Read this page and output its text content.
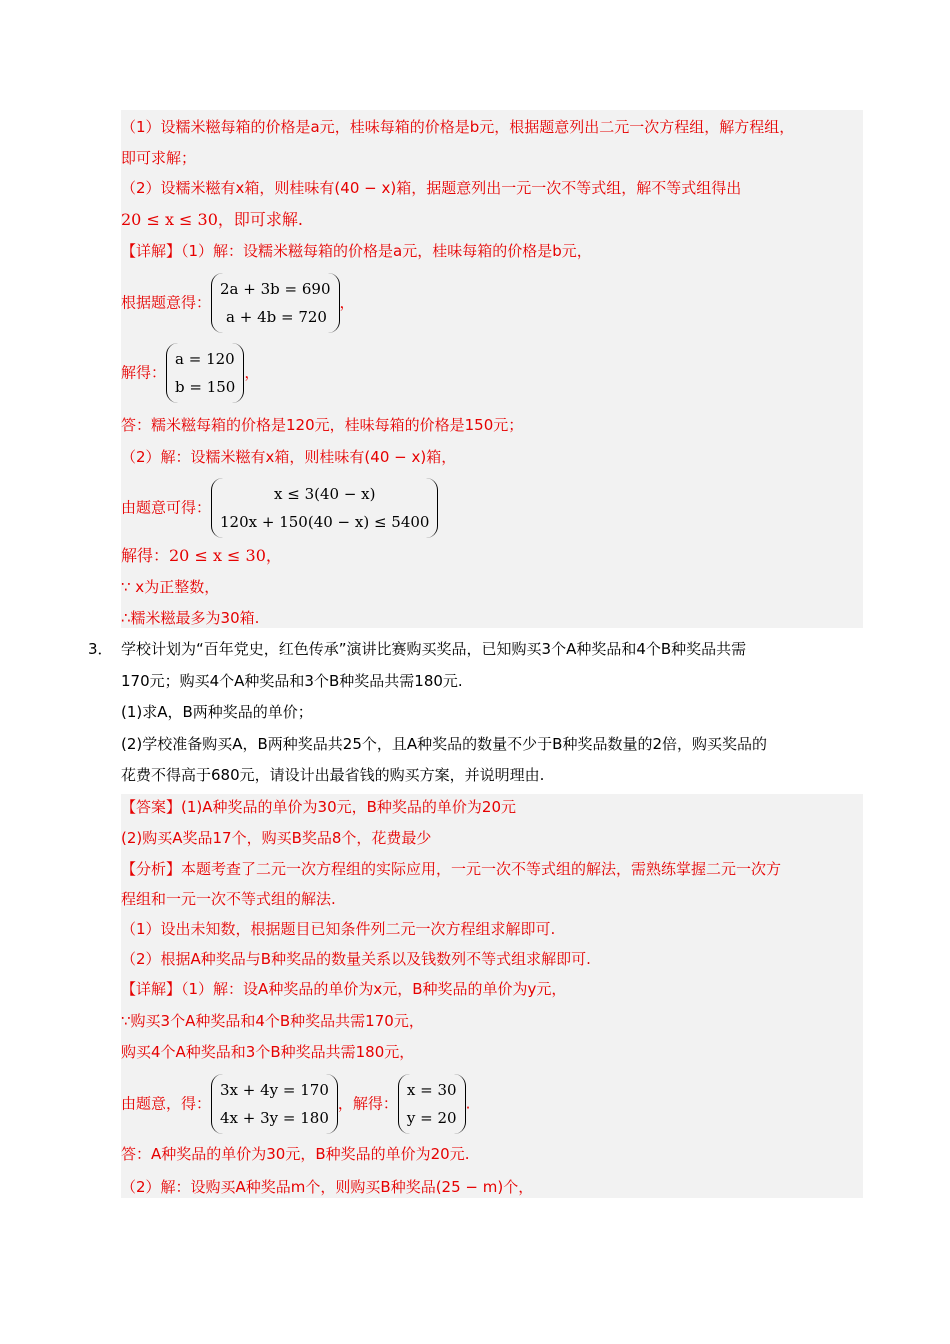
（1）设糯米糍每箱的价格是a元，桂味每箱的价格是b元，根据题意列出二元一次方程组，解方程组，
即可求解；
（2）设糯米糍有x箱，则桂味有(40 − x)箱，据题意列出一元一次不等式组，解不等式组得出
20 ≤ x ≤ 30，即可求解.
【详解】（1）解：设糯米糍每箱的价格是a元，桂味每箱的价格是b元，
根据题意得：
2a + 3b = 690
a + 4b = 720
，
解得：
a = 120
b = 150
，
答：糯米糍每箱的价格是120元，桂味每箱的价格是150元；
（2）解：设糯米糍有x箱，则桂味有(40 − x)箱，
由题意可得：
x ≤ 3(40 − x)
120x + 150(40 − x) ≤ 5400
解得：20 ≤ x ≤ 30，
∵ x为正整数，
∴糯米糍最多为30箱.
3． 学校计划为“百年党史，红色传承”演讲比赛购买奖品，已知购买3个A种奖品和4个B种奖品共需
170元；购买4个A种奖品和3个B种奖品共需180元.
(1)求A，B两种奖品的单价；
(2)学校准备购买A，B两种奖品共25个，且A种奖品的数量不少于B种奖品数量的2倍，购买奖品的
花费不得高于680元，请设计出最省钱的购买方案，并说明理由.
【答案】(1)A种奖品的单价为30元，B种奖品的单价为20元
(2)购买A奖品17个，购买B奖品8个，花费最少
【分析】本题考查了二元一次方程组的实际应用，一元一次不等式组的解法，需熟练掌握二元一次方
程组和一元一次不等式组的解法.
（1）设出未知数，根据题目已知条件列二元一次方程组求解即可.
（2）根据A种奖品与B种奖品的数量关系以及钱数列不等式组求解即可.
【详解】（1）解：设A种奖品的单价为x元，B种奖品的单价为y元，
∵购买3个A种奖品和4个B种奖品共需170元，
购买4个A种奖品和3个B种奖品共需180元，
由题意，得：
3x + 4y = 170
4x + 3y = 180
，解得：
x = 30
y = 20
.
答：A种奖品的单价为30元，B种奖品的单价为20元.
（2）解：设购买A种奖品m个，则购买B种奖品(25 − m)个，
